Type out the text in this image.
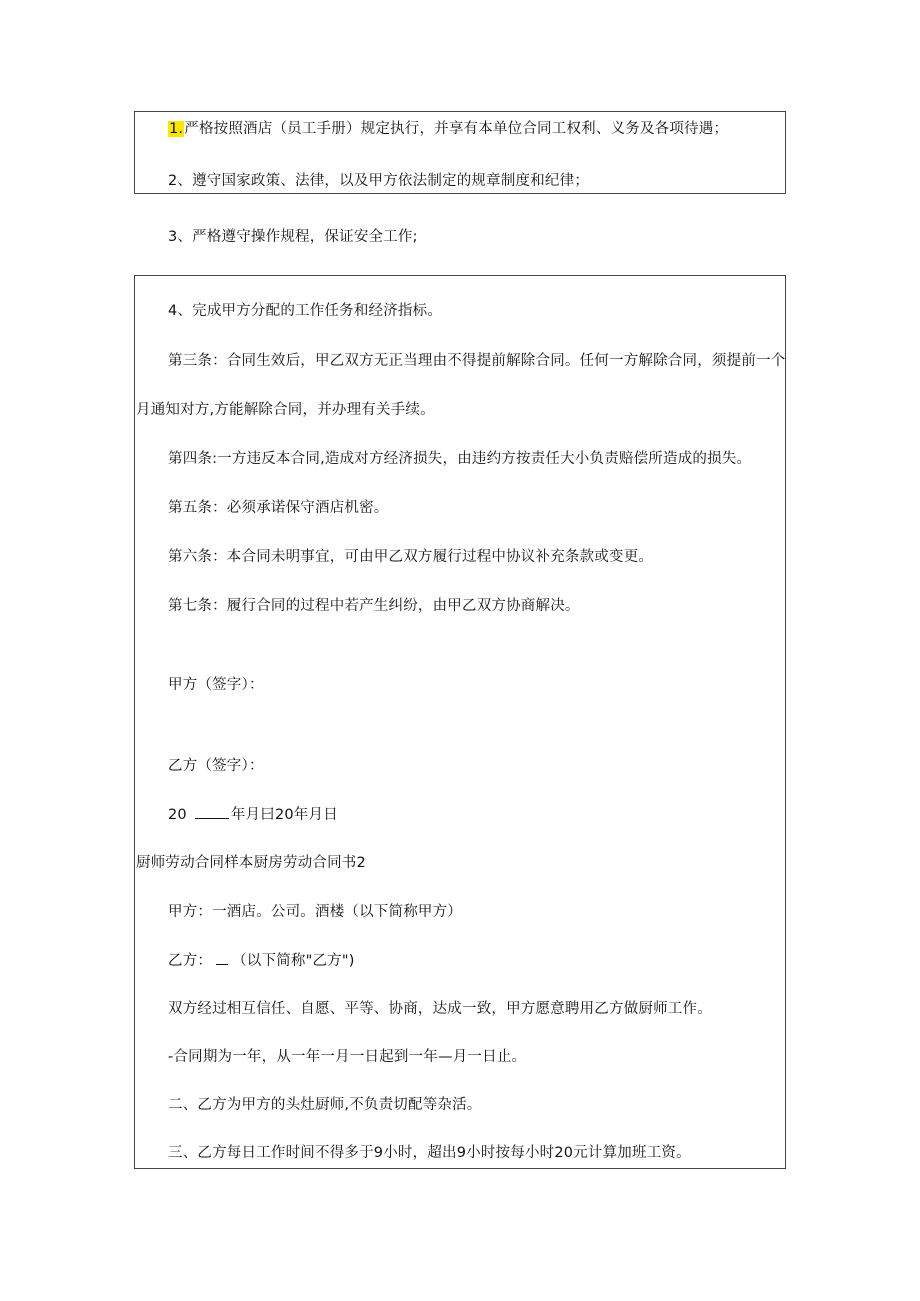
1.严格按照酒店（员工手册）规定执行，并享有本单位合同工权利、义务及各项待遇；
2、遵守国家政策、法律，以及甲方依法制定的规章制度和纪律；
3、严格遵守操作规程，保证安全工作;
4、完成甲方分配的工作任务和经济指标。
第三条：合同生效后，甲乙双方无正当理由不得提前解除合同。任何一方解除合同，须提前一个
月通知对方,方能解除合同，并办理有关手续。
第四条:一方违反本合同,造成对方经济损失，由违约方按责任大小负责赔偿所造成的损失。
第五条：必须承诺保守酒店机密。
第六条：本合同未明事宜，可由甲乙双方履行过程中协议补充条款或变更。
第七条：履行合同的过程中若产生纠纷，由甲乙双方协商解决。
甲方（签字）：
乙方（签字）：
20	年月曰20年月日
厨师劳动合同样本厨房劳动合同书2
甲方：一酒店。公司。酒楼（以下简称甲方）
乙方： （以下简称"乙方")
双方经过相互信任、自愿、平等、协商，达成一致，甲方愿意聘用乙方做厨师工作。
-合同期为一年，从一年一月一日起到一年—月一日止。
二、乙方为甲方的头灶厨师,不负责切配等杂活。
三、乙方每日工作时间不得多于9小时，超出9小时按每小时20元计算加班工资。
